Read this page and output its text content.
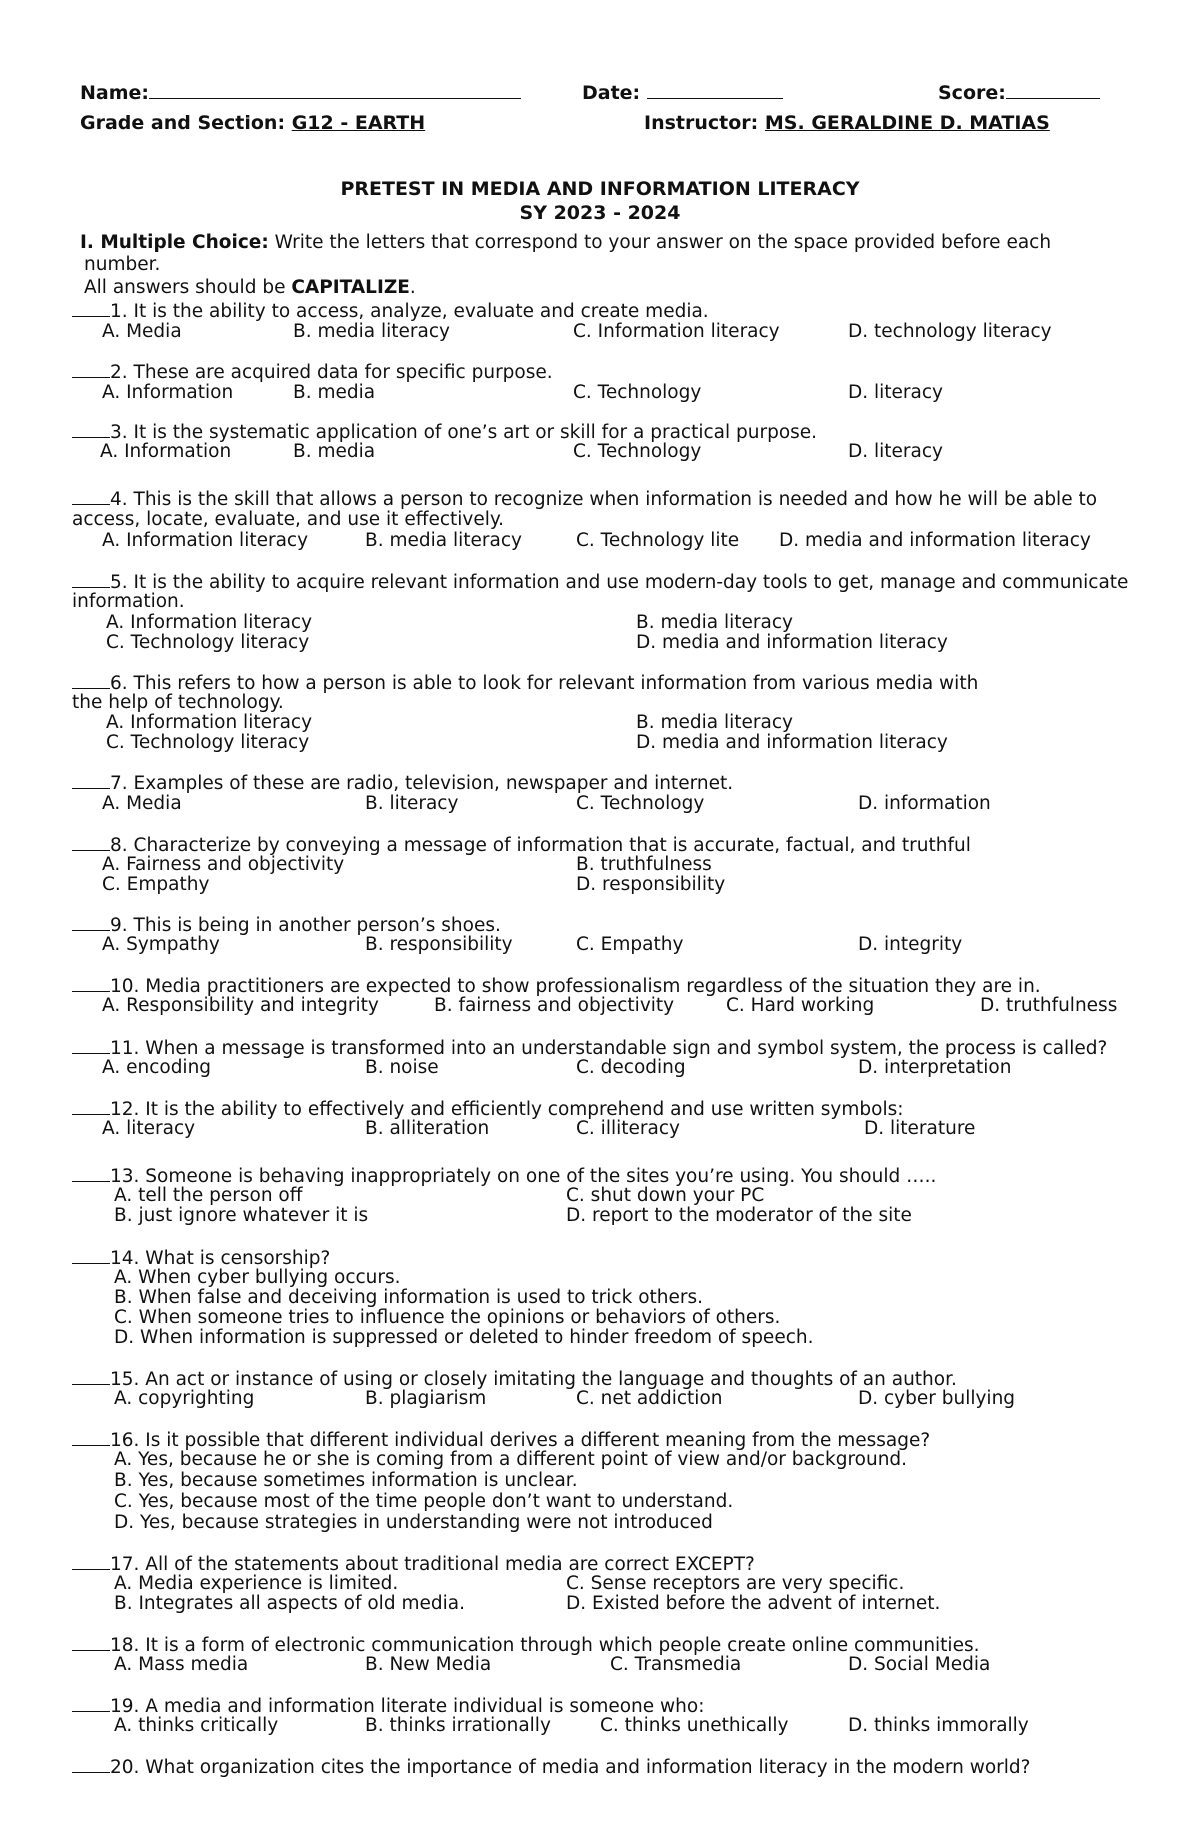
Name:	Date:	Score:
Grade and Section: G12 - EARTH	Instructor: MS. GERALDINE D. MATIAS
PRETEST IN MEDIA AND INFORMATION LITERACY
SY 2023 - 2024
I. Multiple Choice: Write the letters that correspond to your answer on the space provided before each
number.
All answers should be CAPITALIZE.
1. It is the ability to access, analyze, evaluate and create media.
A. Media	B. media literacy	C. Information literacy	D. technology literacy
2. These are acquired data for specific purpose.
A. Information	B. media	C. Technology	D. literacy
3. It is the systematic application of one’s art or skill for a practical purpose.
A. Information	B. media	C. Technology	D. literacy
4. This is the skill that allows a person to recognize when information is needed and how he will be able to
access, locate, evaluate, and use it effectively.
A. Information literacy	B. media literacy	C. Technology lite D. media and information literacy
5. It is the ability to acquire relevant information and use modern-day tools to get, manage and communicate
information.
A. Information literacy	B. media literacy
C. Technology literacy	D. media and information literacy
6. This refers to how a person is able to look for relevant information from various media with
the help of technology.
A. Information literacy	B. media literacy
C. Technology literacy	D. media and information literacy
7. Examples of these are radio, television, newspaper and internet.
A. Media	B. literacy	C. Technology	D. information
8. Characterize by conveying a message of information that is accurate, factual, and truthful
A. Fairness and objectivity	B. truthfulness
C. Empathy	D. responsibility
9. This is being in another person’s shoes.
A. Sympathy	B. responsibility	C. Empathy	D. integrity
10. Media practitioners are expected to show professionalism regardless of the situation they are in.
A. Responsibility and integrity	B. fairness and objectivity	C. Hard working	D. truthfulness
11. When a message is transformed into an understandable sign and symbol system, the process is called?
A. encoding	B. noise	C. decoding	D. interpretation
12. It is the ability to effectively and efficiently comprehend and use written symbols:
A. literacy	B. alliteration	C. illiteracy	D. literature
13. Someone is behaving inappropriately on one of the sites you’re using. You should …..
A. tell the person off	C. shut down your PC
B. just ignore whatever it is	D. report to the moderator of the site
14. What is censorship?
A. When cyber bullying occurs.
B. When false and deceiving information is used to trick others.
C. When someone tries to influence the opinions or behaviors of others.
D. When information is suppressed or deleted to hinder freedom of speech.
15. An act or instance of using or closely imitating the language and thoughts of an author.
A. copyrighting	B. plagiarism	C. net addiction	D. cyber bullying
16. Is it possible that different individual derives a different meaning from the message?
A. Yes, because he or she is coming from a different point of view and/or background.
B. Yes, because sometimes information is unclear.
C. Yes, because most of the time people don’t want to understand.
D. Yes, because strategies in understanding were not introduced
17. All of the statements about traditional media are correct EXCEPT?
A. Media experience is limited.	C. Sense receptors are very specific.
B. Integrates all aspects of old media.	D. Existed before the advent of internet.
18. It is a form of electronic communication through which people create online communities.
A. Mass media	B. New Media	C. Transmedia	D. Social Media
19. A media and information literate individual is someone who:
A. thinks critically	B. thinks irrationally	C. thinks unethically	D. thinks immorally
20. What organization cites the importance of media and information literacy in the modern world?
